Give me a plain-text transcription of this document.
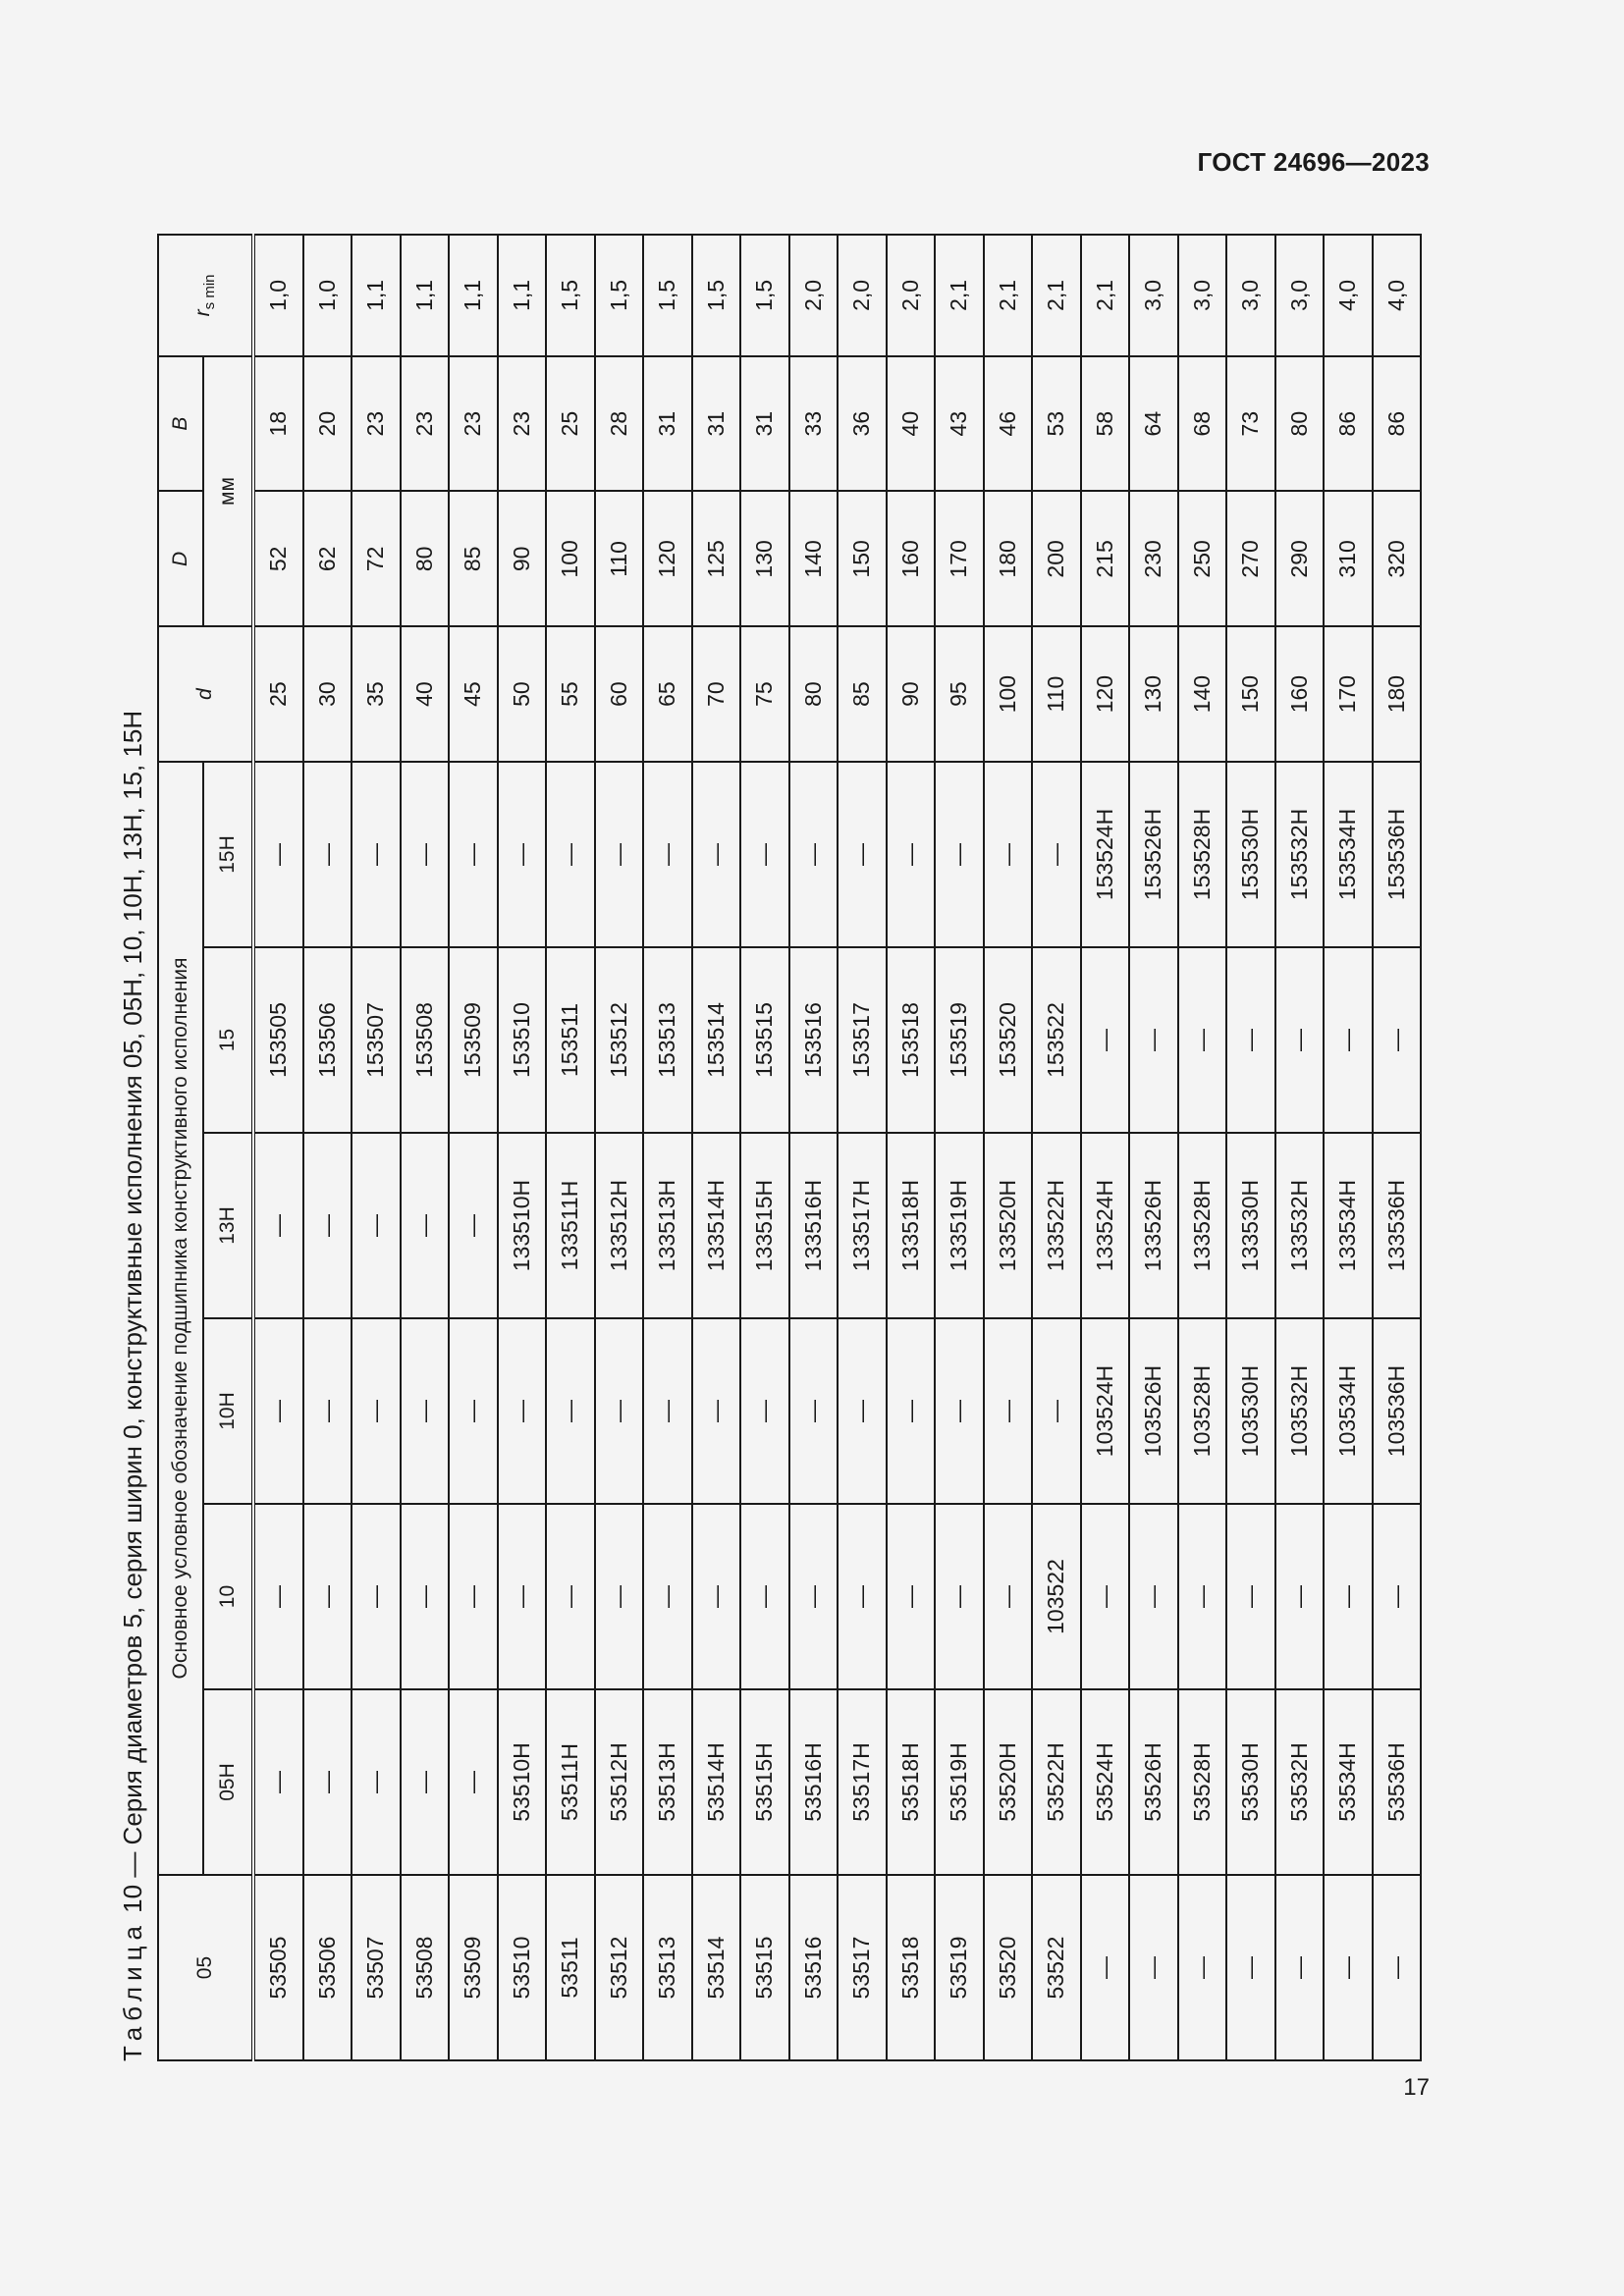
ГОСТ 24696—2023
Таблица 10 — Серия диаметров 5, серия ширин 0, конструктивные исполнения 05, 05Н, 10, 10Н, 13Н, 15, 15Н
05	Основное условное обозначение подшипника конструктивного исполнения						d	D	B	$r_{s min}$
	05Н	10	10Н	13Н	15	15Н		мм		
53505	—	—	—	—	153505	—	25	52	18	1,0
53506	—	—	—	—	153506	—	30	62	20	1,0
53507	—	—	—	—	153507	—	35	72	23	1,1
53508	—	—	—	—	153508	—	40	80	23	1,1
53509	—	—	—	—	153509	—	45	85	23	1,1
53510	53510Н	—	—	133510Н	153510	—	50	90	23	1,1
53511	53511Н	—	—	133511Н	153511	—	55	100	25	1,5
53512	53512Н	—	—	133512Н	153512	—	60	110	28	1,5
53513	53513Н	—	—	133513Н	153513	—	65	120	31	1,5
53514	53514Н	—	—	133514Н	153514	—	70	125	31	1,5
53515	53515Н	—	—	133515Н	153515	—	75	130	31	1,5
53516	53516Н	—	—	133516Н	153516	—	80	140	33	2,0
53517	53517Н	—	—	133517Н	153517	—	85	150	36	2,0
53518	53518Н	—	—	133518Н	153518	—	90	160	40	2,0
53519	53519Н	—	—	133519Н	153519	—	95	170	43	2,1
53520	53520Н	—	—	133520Н	153520	—	100	180	46	2,1
53522	53522Н	103522	—	133522Н	153522	—	110	200	53	2,1
—	53524Н	—	103524Н	133524Н	—	153524Н	120	215	58	2,1
—	53526Н	—	103526Н	133526Н	—	153526Н	130	230	64	3,0
—	53528Н	—	103528Н	133528Н	—	153528Н	140	250	68	3,0
—	53530Н	—	103530Н	133530Н	—	153530Н	150	270	73	3,0
—	53532Н	—	103532Н	133532Н	—	153532Н	160	290	80	3,0
—	53534Н	—	103534Н	133534Н	—	153534Н	170	310	86	4,0
—	53536Н	—	103536Н	133536Н	—	153536Н	180	320	86	4,0
17
